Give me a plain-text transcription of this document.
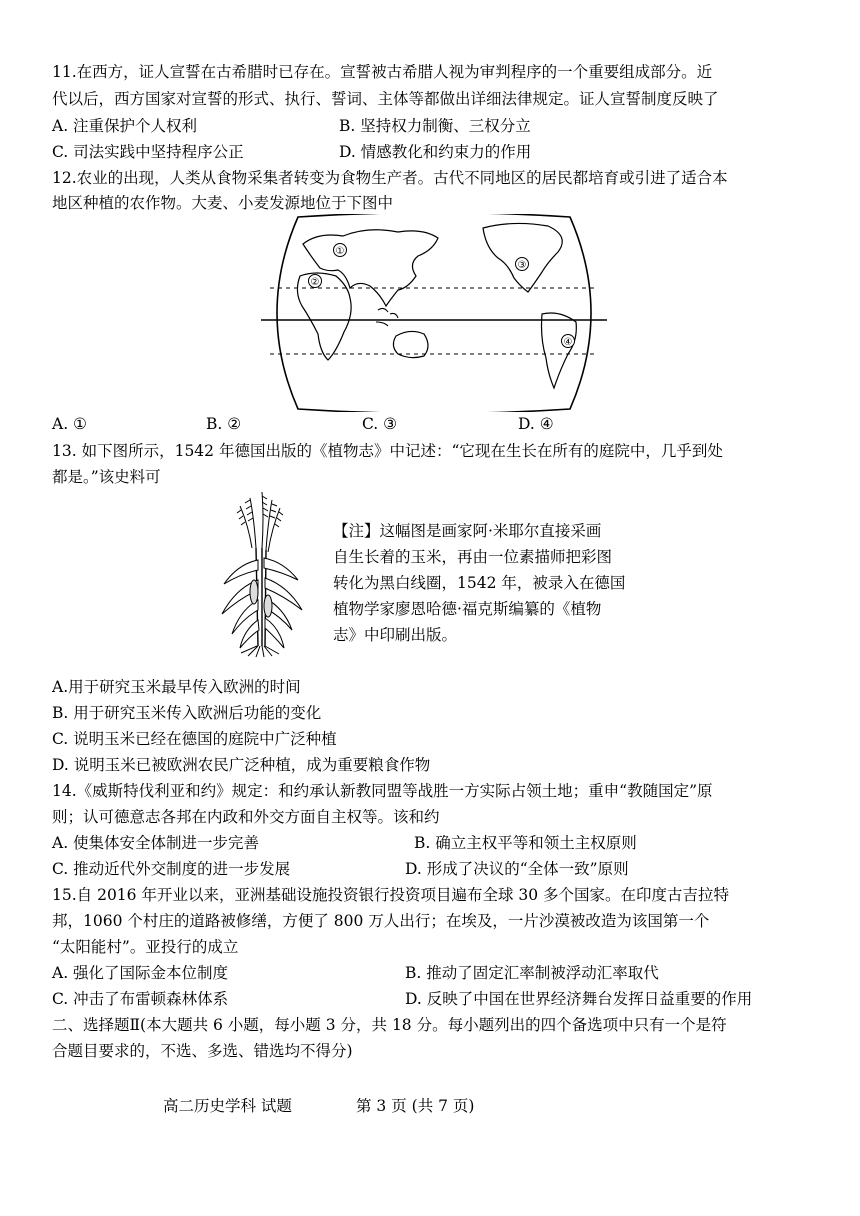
11.在西方，证人宣誓在古希腊时已存在。宣誓被古希腊人视为审判程序的一个重要组成部分。近
代以后，西方国家对宣誓的形式、执行、誓词、主体等都做出详细法律规定。证人宣誓制度反映了
A. 注重保护个人权利	B. 坚持权力制衡、三权分立
C. 司法实践中坚持程序公正	D. 情感教化和约束力的作用
12.农业的出现，人类从食物采集者转变为食物生产者。古代不同地区的居民都培育或引进了适合本
地区种植的农作物。大麦、小麦发源地位于下图中
①
②
③
④
A. ①	B. ②	C. ③	D. ④
13. 如下图所示，1542 年德国出版的《植物志》中记述：“它现在生长在所有的庭院中，几乎到处
都是。”该史料可
【注】这幅图是画家阿·米耶尔直接采画
自生长着的玉米，再由一位素描师把彩图
转化为黑白线圈，1542 年，被录入在德国
植物学家廖恩哈德·福克斯编纂的《植物
志》中印刷出版。
A.用于研究玉米最早传入欧洲的时间
B. 用于研究玉米传入欧洲后功能的变化
C. 说明玉米已经在德国的庭院中广泛种植
D. 说明玉米已被欧洲农民广泛种植，成为重要粮食作物
14.《威斯特伐利亚和约》规定：和约承认新教同盟等战胜一方实际占领土地；重申“教随国定”原
则；认可德意志各邦在内政和外交方面自主权等。该和约
A. 使集体安全体制进一步完善	B. 确立主权平等和领土主权原则
C. 推动近代外交制度的进一步发展	D. 形成了决议的“全体一致”原则
15.自 2016 年开业以来，亚洲基础设施投资银行投资项目遍布全球 30 多个国家。在印度古吉拉特
邦，1060 个村庄的道路被修缮，方便了 800 万人出行；在埃及，一片沙漠被改造为该国第一个
“太阳能村”。亚投行的成立
A. 强化了国际金本位制度	B. 推动了固定汇率制被浮动汇率取代
C. 冲击了布雷顿森林体系	D. 反映了中国在世界经济舞台发挥日益重要的作用
二、选择题Ⅱ(本大题共 6 小题，每小题 3 分，共 18 分。每小题列出的四个备选项中只有一个是符
合题目要求的，不选、多选、错选均不得分)
高二历史学科 试题	第 3 页 (共 7 页)
